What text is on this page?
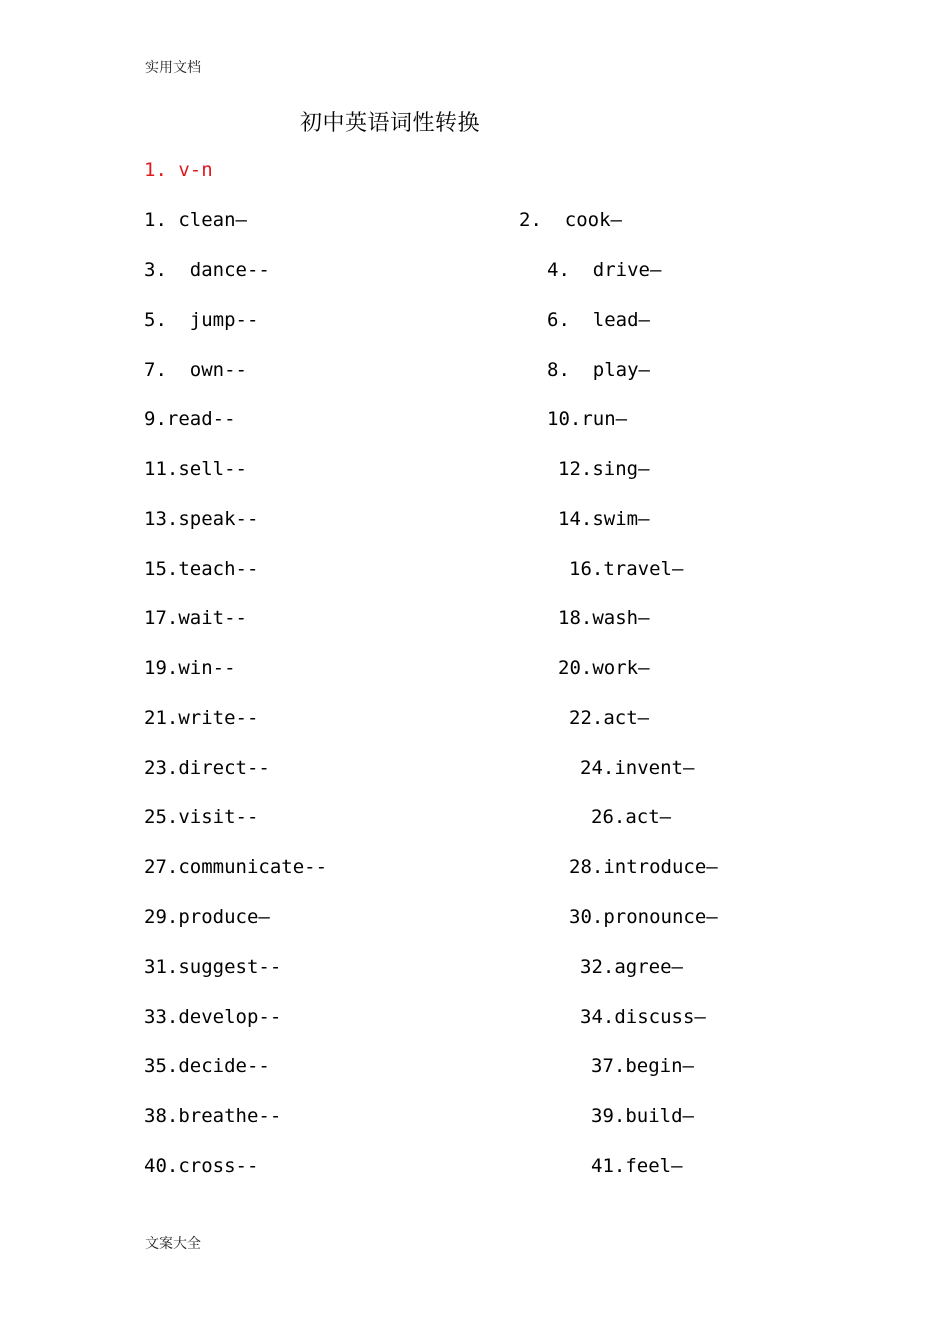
实用文档
初中英语词性转换
1. v-n
1. clean—	2.  cook—
3.  dance--	4.  drive—
5.  jump--	6.  lead—
7.  own--	8.  play—
9.read--	10.run—
11.sell--	12.sing—
13.speak--	14.swim—
15.teach--	16.travel—
17.wait--	18.wash—
19.win--	20.work—
21.write--	22.act—
23.direct--	24.invent—
25.visit--	26.act—
27.communicate--	28.introduce—
29.produce—	30.pronounce—
31.suggest--	32.agree—
33.develop--	34.discuss—
35.decide--	37.begin—
38.breathe--	39.build—
40.cross--	41.feel—
文案大全
